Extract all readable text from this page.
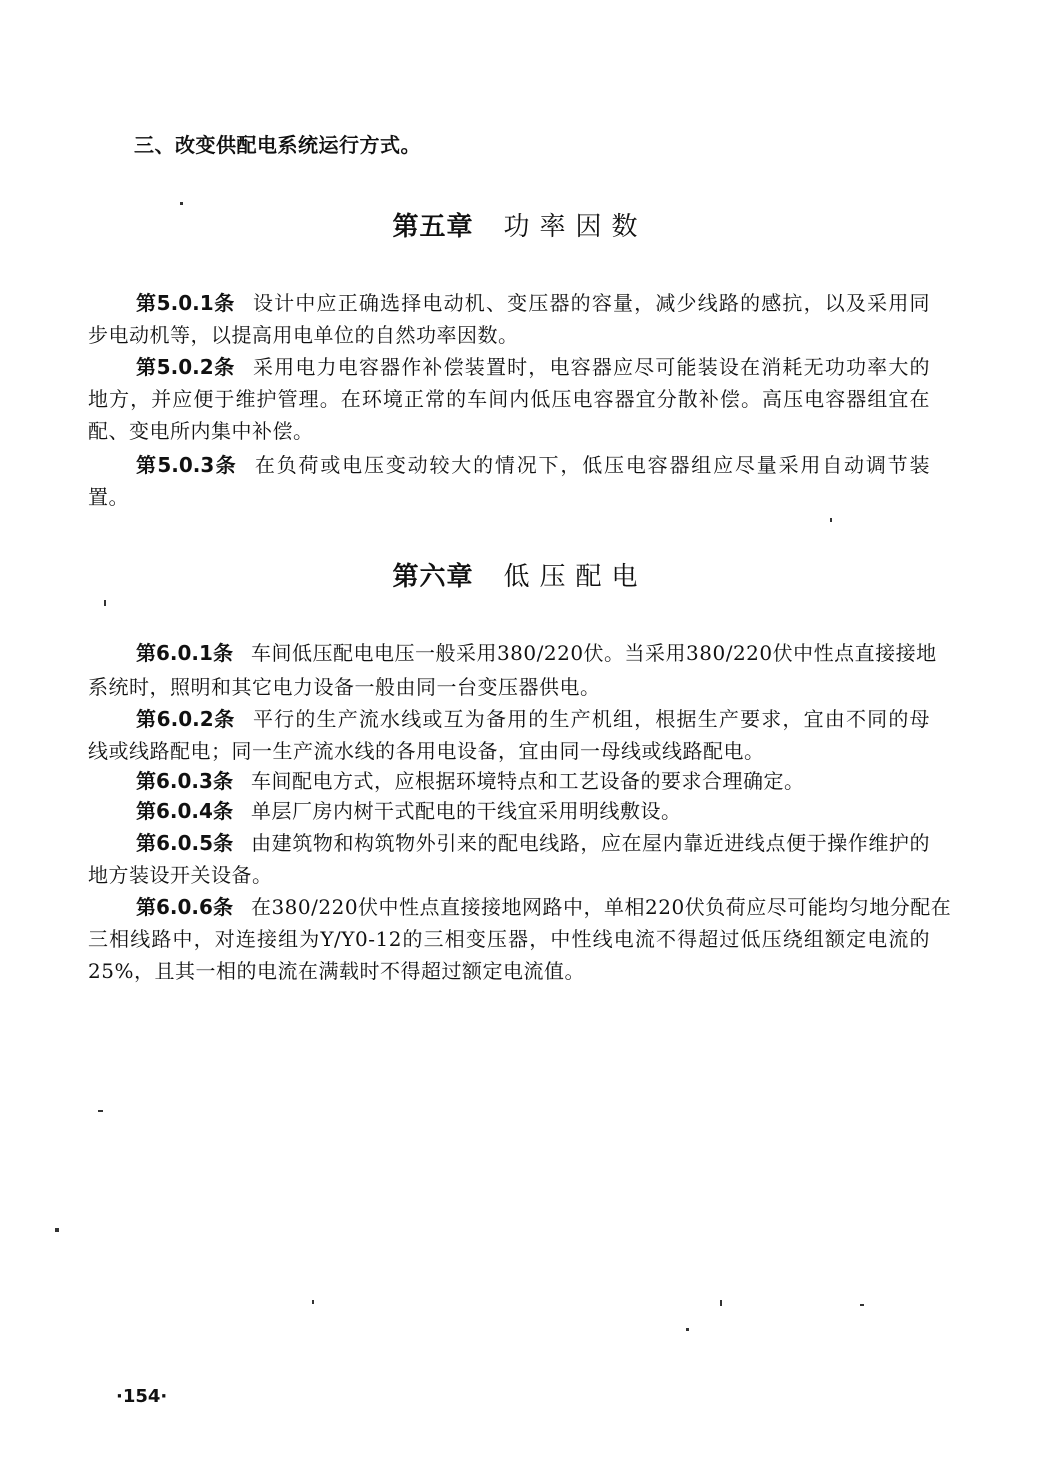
三、改变供配电系统运行方式。
第五章 功率因数
第5.0.1条 设计中应正确选择电动机、变压器的容量，减少线路的感抗，以及采用同
步电动机等，以提高用电单位的自然功率因数。
第5.0.2条 采用电力电容器作补偿装置时，电容器应尽可能装设在消耗无功功率大的
地方，并应便于维护管理。在环境正常的车间内低压电容器宜分散补偿。高压电容器组宜在
配、变电所内集中补偿。
第5.0.3条 在负荷或电压变动较大的情况下，低压电容器组应尽量采用自动调节装
置。
第六章 低压配电
第6.0.1条 车间低压配电电压一般采用380/220伏。当采用380/220伏中性点直接接地
系统时，照明和其它电力设备一般由同一台变压器供电。
第6.0.2条 平行的生产流水线或互为备用的生产机组，根据生产要求，宜由不同的母
线或线路配电；同一生产流水线的各用电设备，宜由同一母线或线路配电。
第6.0.3条 车间配电方式，应根据环境特点和工艺设备的要求合理确定。
第6.0.4条 单层厂房内树干式配电的干线宜采用明线敷设。
第6.0.5条 由建筑物和构筑物外引来的配电线路，应在屋内靠近进线点便于操作维护的
地方装设开关设备。
第6.0.6条 在380/220伏中性点直接接地网路中，单相220伏负荷应尽可能均匀地分配在
三相线路中，对连接组为Y/Y0-12的三相变压器，中性线电流不得超过低压绕组额定电流的
25%，且其一相的电流在满载时不得超过额定电流值。
·154·
